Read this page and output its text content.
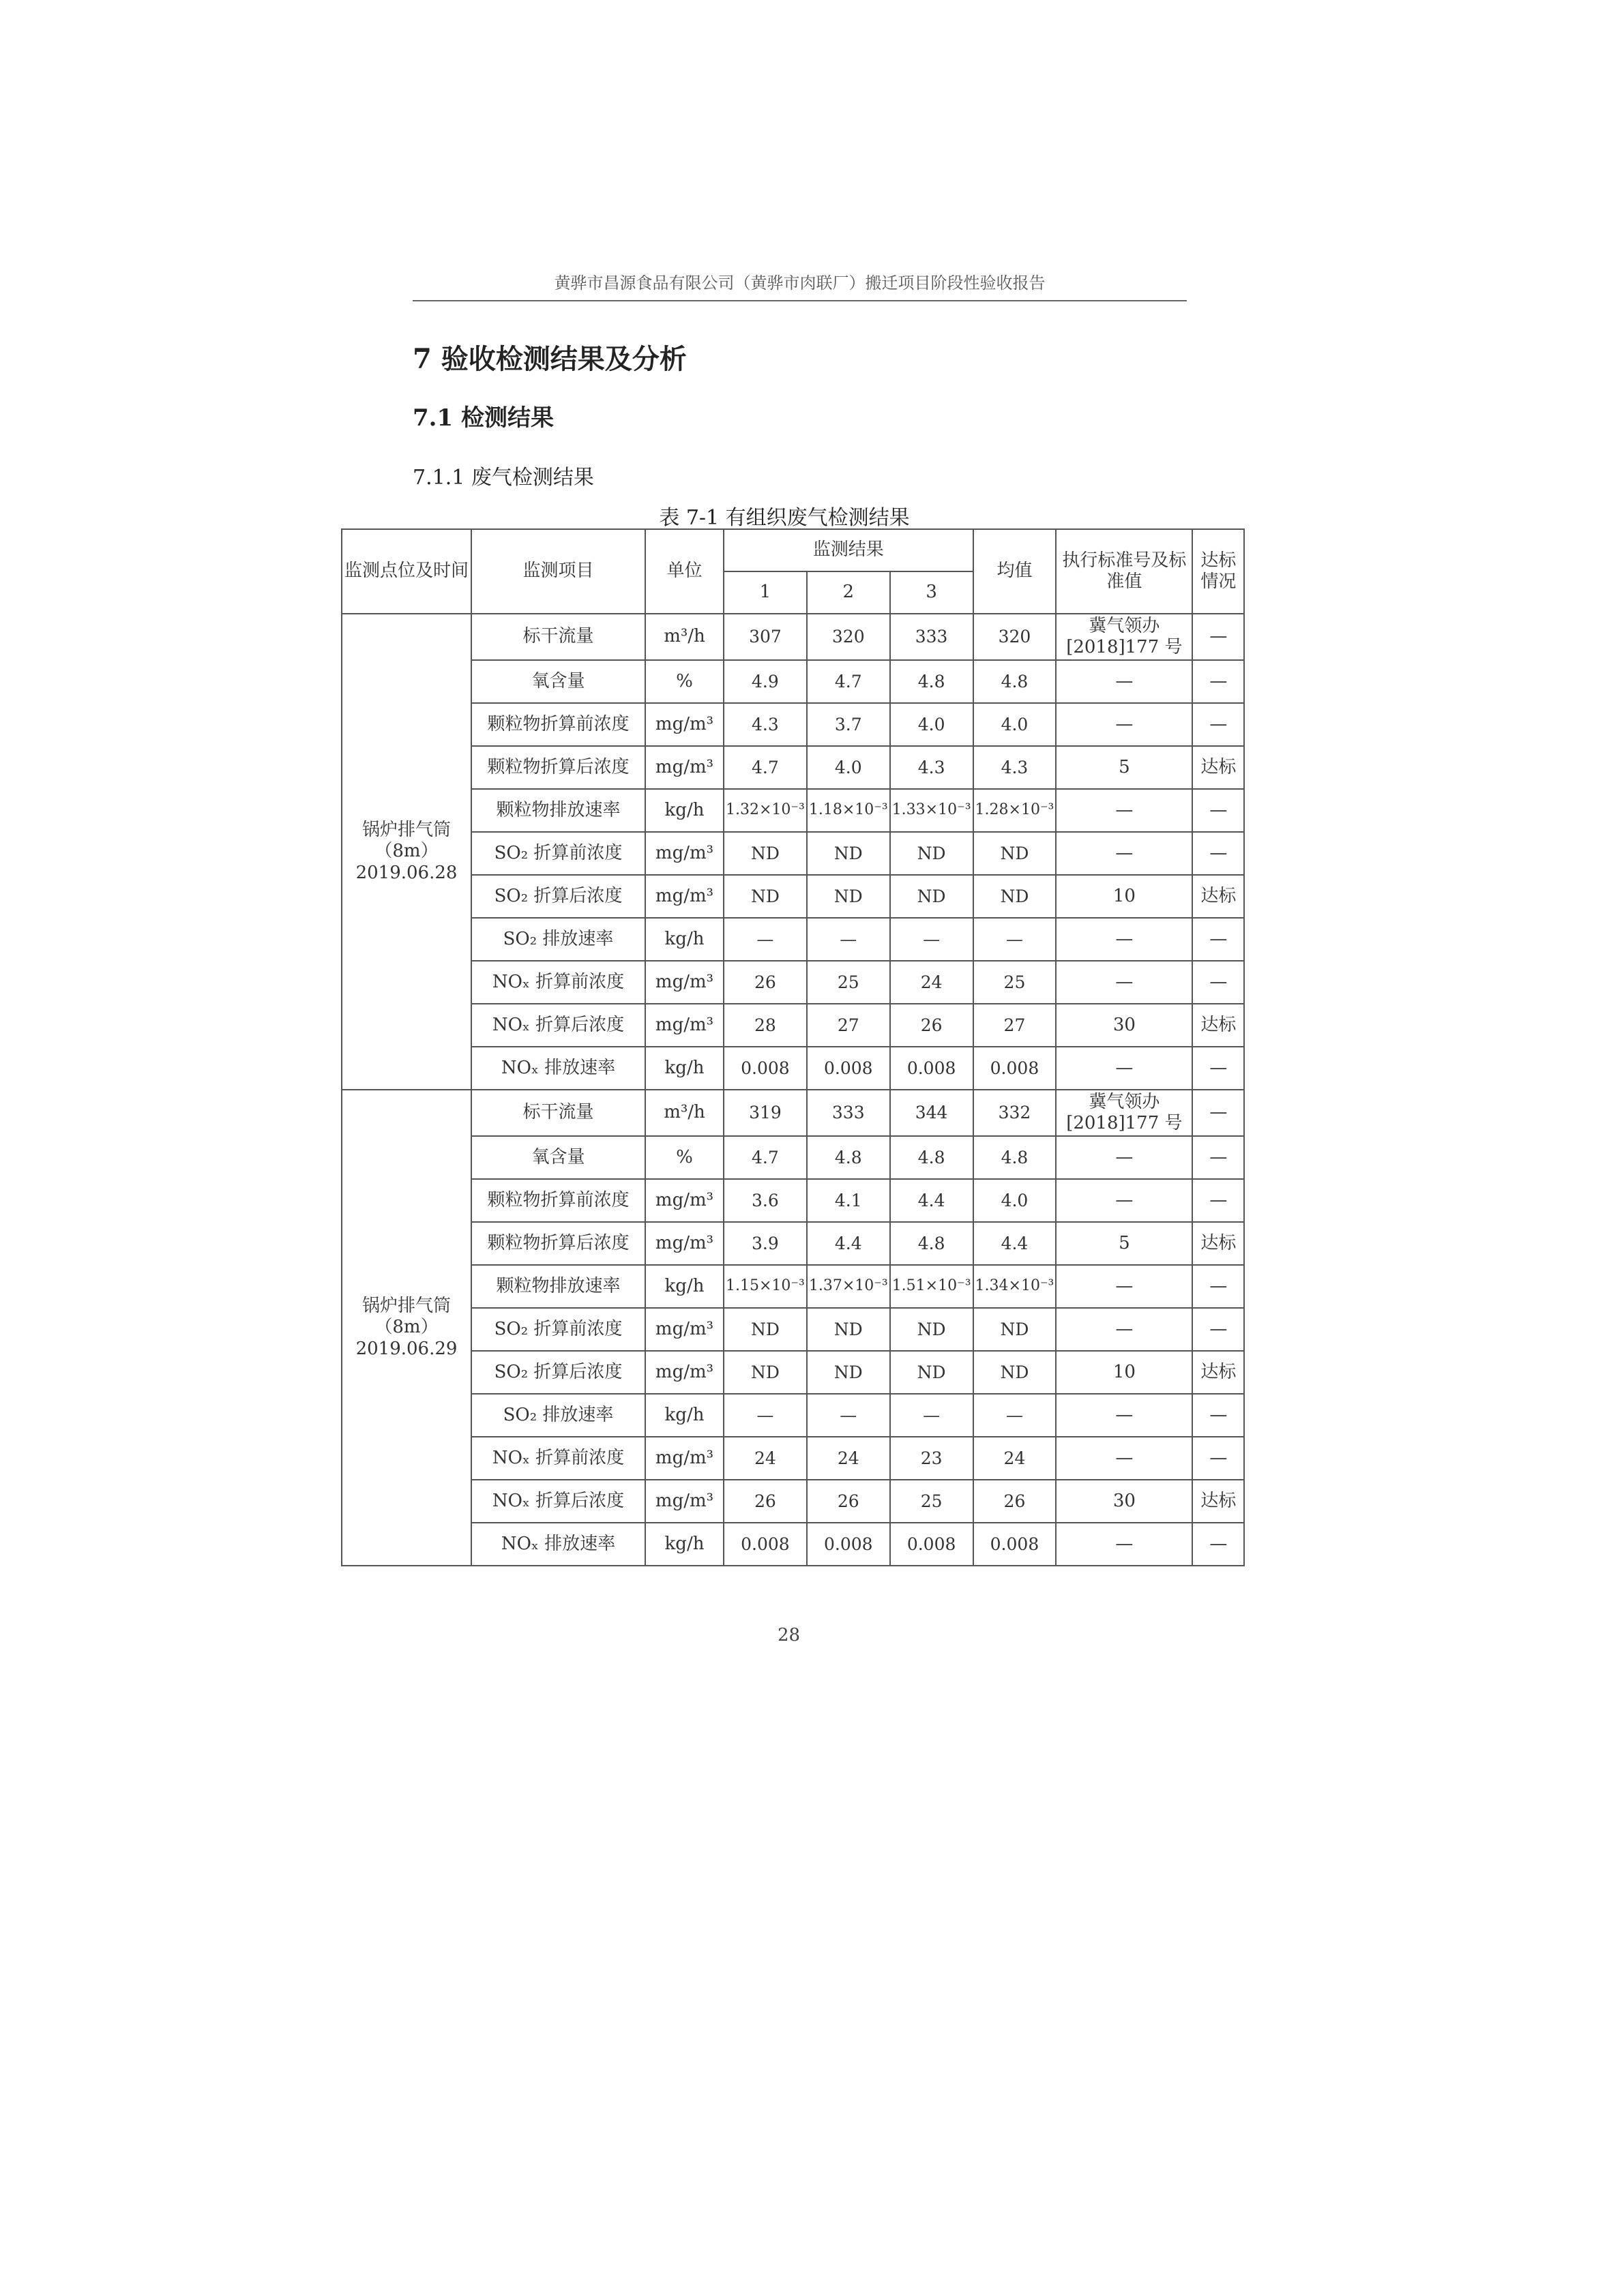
黄骅市昌源食品有限公司（黄骅市肉联厂）搬迁项目阶段性验收报告
7 验收检测结果及分析
7.1 检测结果
7.1.1 废气检测结果
表 7-1 有组织废气检测结果
监测点位及时间	监测项目	单位	监测结果			均值	执行标准号及标准值	达标情况
			1	2	3			
锅炉排气筒（8m）2019.06.28	标干流量	m³/h	307	320	333	320	冀气领办[2018]177 号	—
	氧含量	%	4.9	4.7	4.8	4.8	—	—
	颗粒物折算前浓度	mg/m³	4.3	3.7	4.0	4.0	—	—
	颗粒物折算后浓度	mg/m³	4.7	4.0	4.3	4.3	5	达标
	颗粒物排放速率	kg/h	1.32×10⁻³	1.18×10⁻³	1.33×10⁻³	1.28×10⁻³	—	—
	SO₂ 折算前浓度	mg/m³	ND	ND	ND	ND	—	—
	SO₂ 折算后浓度	mg/m³	ND	ND	ND	ND	10	达标
	SO₂ 排放速率	kg/h	—	—	—	—	—	—
	NOₓ 折算前浓度	mg/m³	26	25	24	25	—	—
	NOₓ 折算后浓度	mg/m³	28	27	26	27	30	达标
	NOₓ 排放速率	kg/h	0.008	0.008	0.008	0.008	—	—
锅炉排气筒（8m）2019.06.29	标干流量	m³/h	319	333	344	332	冀气领办[2018]177 号	—
	氧含量	%	4.7	4.8	4.8	4.8	—	—
	颗粒物折算前浓度	mg/m³	3.6	4.1	4.4	4.0	—	—
	颗粒物折算后浓度	mg/m³	3.9	4.4	4.8	4.4	5	达标
	颗粒物排放速率	kg/h	1.15×10⁻³	1.37×10⁻³	1.51×10⁻³	1.34×10⁻³	—	—
	SO₂ 折算前浓度	mg/m³	ND	ND	ND	ND	—	—
	SO₂ 折算后浓度	mg/m³	ND	ND	ND	ND	10	达标
	SO₂ 排放速率	kg/h	—	—	—	—	—	—
	NOₓ 折算前浓度	mg/m³	24	24	23	24	—	—
	NOₓ 折算后浓度	mg/m³	26	26	25	26	30	达标
	NOₓ 排放速率	kg/h	0.008	0.008	0.008	0.008	—	—
28
